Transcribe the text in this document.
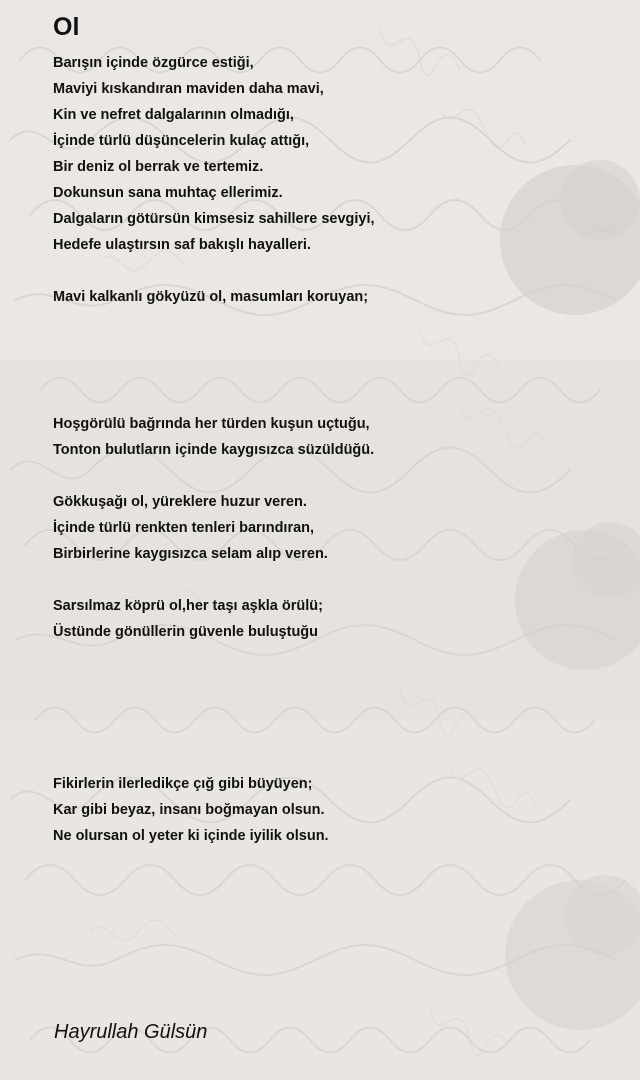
Ol
Barışın içinde özgürce estiği,
Maviyi kıskandıran maviden daha mavi,
Kin ve nefret dalgalarının olmadığı,
İçinde türlü düşüncelerin kulaç attığı,
Bir deniz ol berrak ve tertemiz.
Dokunsun sana muhtaç ellerimiz.
Dalgaların götürsün kimsesiz sahillere sevgiyi,
Hedefe ulaştırsın saf bakışlı hayalleri.
Mavi kalkanlı gökyüzü ol, masumları koruyan;
Hoşgörülü bağrında her türden kuşun uçtuğu,
Tonton bulutların içinde kaygısızca süzüldüğü.
Gökkuşağı ol, yüreklere huzur veren.
İçinde türlü renkten tenleri barındıran,
Birbirlerine kaygısızca selam alıp veren.
Sarsılmaz köprü ol,her taşı aşkla örülü;
Üstünde gönüllerin güvenle buluştuğu
Fikirlerin ilerledikçe çığ gibi büyüyen;
Kar gibi beyaz, insanı boğmayan olsun.
Ne olursan ol yeter ki içinde iyilik olsun.
Hayrullah Gülsün
